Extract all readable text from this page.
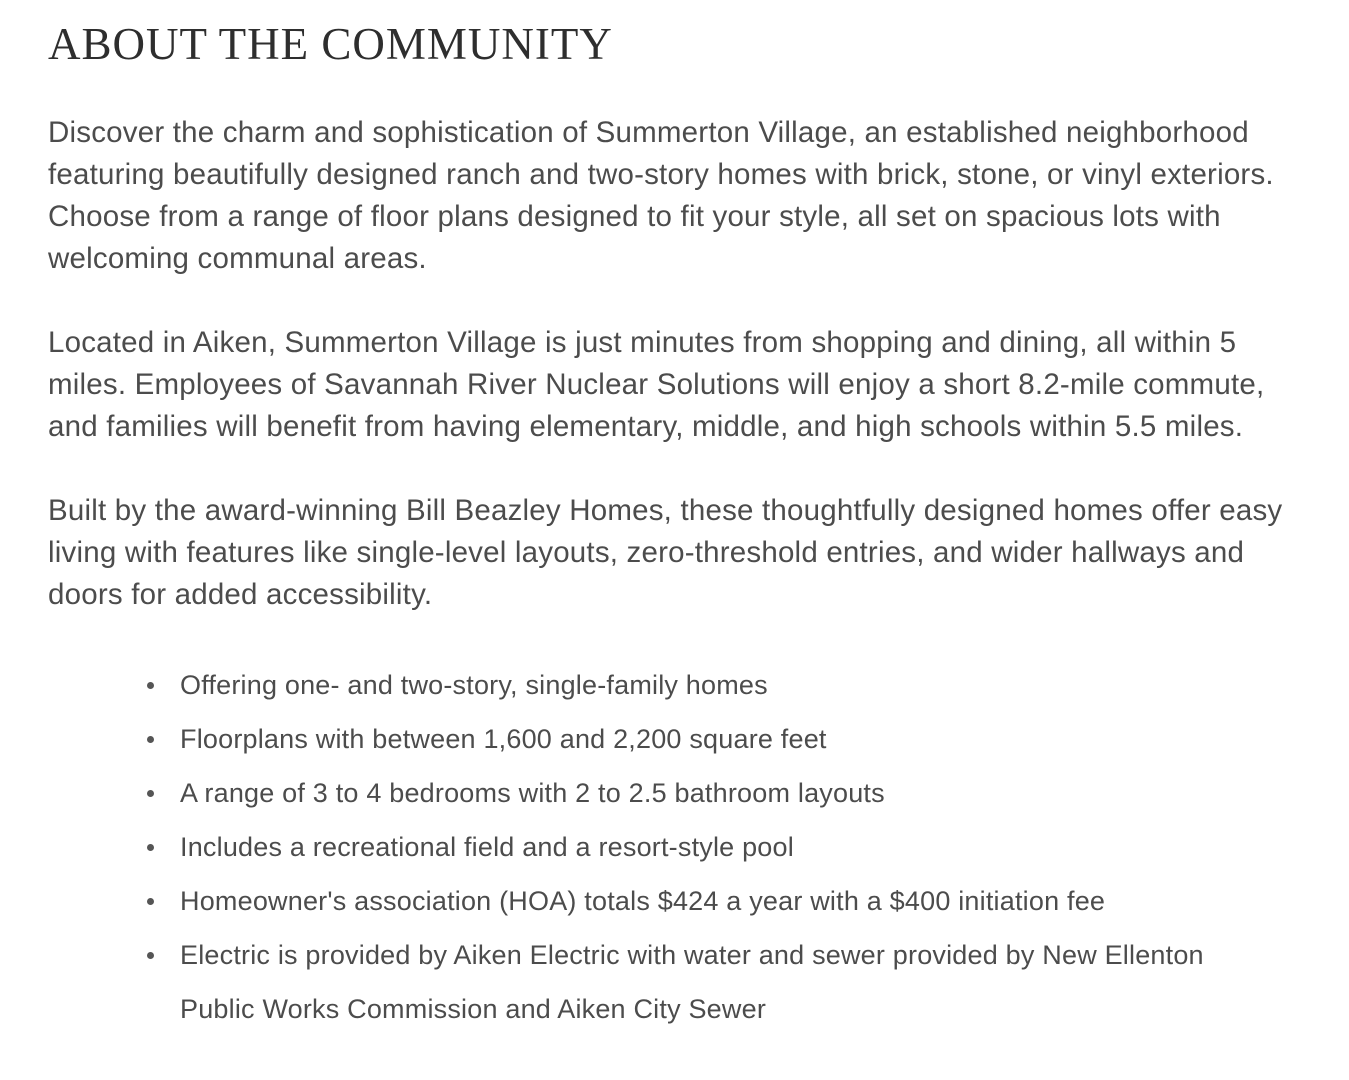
ABOUT THE COMMUNITY

Discover the charm and sophistication of Summerton Village, an established neighborhood featuring beautifully designed ranch and two-story homes with brick, stone, or vinyl exteriors. Choose from a range of floor plans designed to fit your style, all set on spacious lots with welcoming communal areas.

Located in Aiken, Summerton Village is just minutes from shopping and dining, all within 5 miles. Employees of Savannah River Nuclear Solutions will enjoy a short 8.2-mile commute, and families will benefit from having elementary, middle, and high schools within 5.5 miles.

Built by the award-winning Bill Beazley Homes, these thoughtfully designed homes offer easy living with features like single-level layouts, zero-threshold entries, and wider hallways and doors for added accessibility.

Offering one- and two-story, single-family homes
Floorplans with between 1,600 and 2,200 square feet
A range of 3 to 4 bedrooms with 2 to 2.5 bathroom layouts
Includes a recreational field and a resort-style pool
Homeowner's association (HOA) totals $424 a year with a $400 initiation fee
Electric is provided by Aiken Electric with water and sewer provided by New Ellenton Public Works Commission and Aiken City Sewer
